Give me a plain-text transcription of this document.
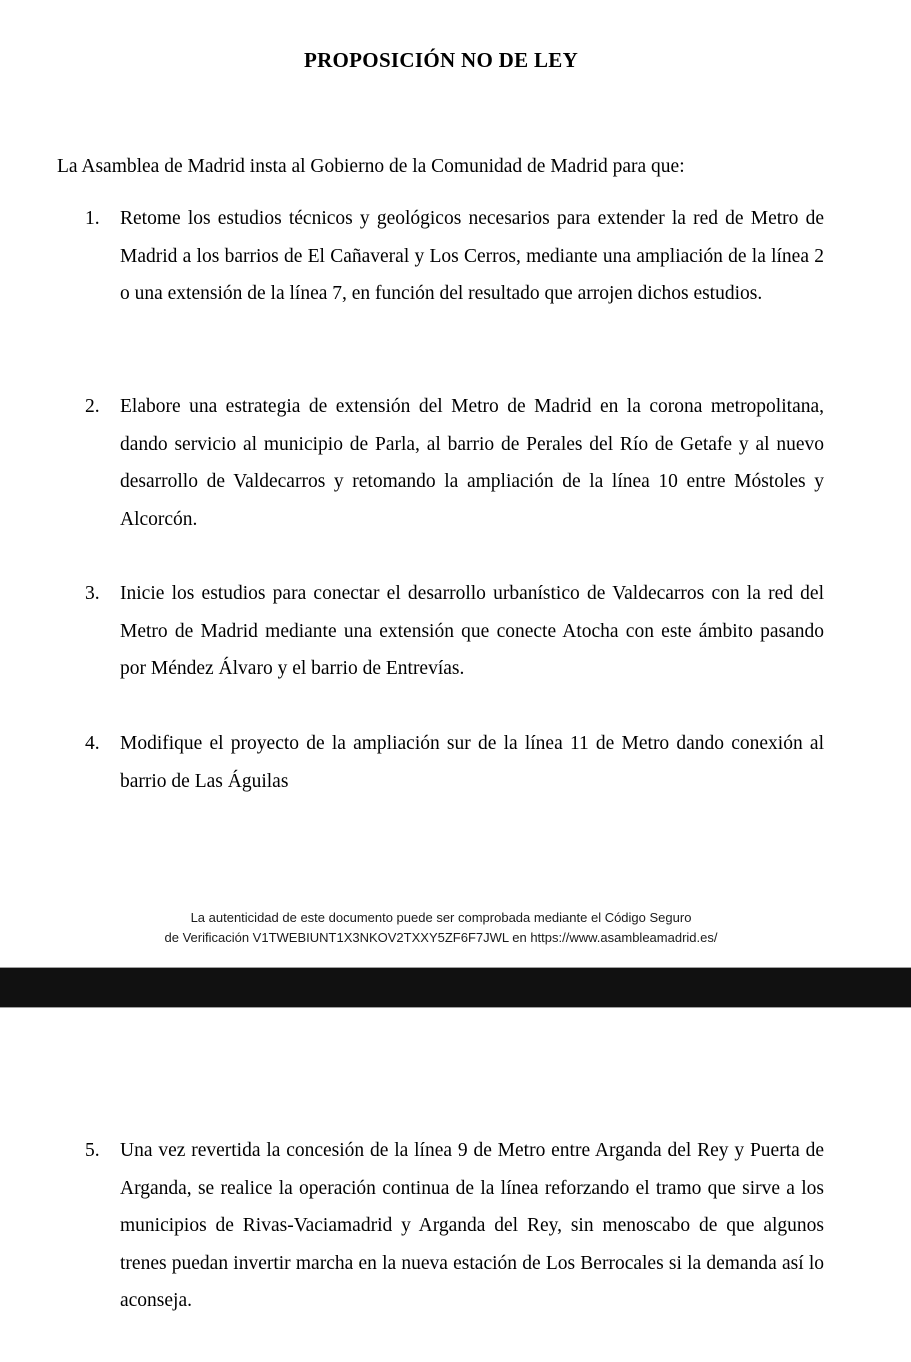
PROPOSICIÓN NO DE LEY
La Asamblea de Madrid insta al Gobierno de la Comunidad de Madrid para que:
1.	Retome los estudios técnicos y geológicos necesarios para extender la red de Metro de Madrid a los barrios de El Cañaveral y Los Cerros, mediante una ampliación de la línea 2 o una extensión de la línea 7, en función del resultado que arrojen dichos estudios.
2.	Elabore una estrategia de extensión del Metro de Madrid en la corona metropolitana, dando servicio al municipio de Parla, al barrio de Perales del Río de Getafe y al nuevo desarrollo de Valdecarros y retomando la ampliación de la línea 10 entre Móstoles y Alcorcón.
3.	Inicie los estudios para conectar el desarrollo urbanístico de Valdecarros con la red del Metro de Madrid mediante una extensión que conecte Atocha con este ámbito pasando por Méndez Álvaro y el barrio de Entrevías.
4.	Modifique el proyecto de la ampliación sur de la línea 11 de Metro dando conexión al barrio de Las Águilas
La autenticidad de este documento puede ser comprobada mediante el Código Seguro
de Verificación V1TWEBIUNT1X3NKOV2TXXY5ZF6F7JWL en https://www.asambleamadrid.es/
5.	Una vez revertida la concesión de la línea 9 de Metro entre Arganda del Rey y Puerta de Arganda, se realice la operación continua de la línea reforzando el tramo que sirve a los municipios de Rivas-Vaciamadrid y Arganda del Rey, sin menoscabo de que algunos trenes puedan invertir marcha en la nueva estación de Los Berrocales si la demanda así lo aconseja.
